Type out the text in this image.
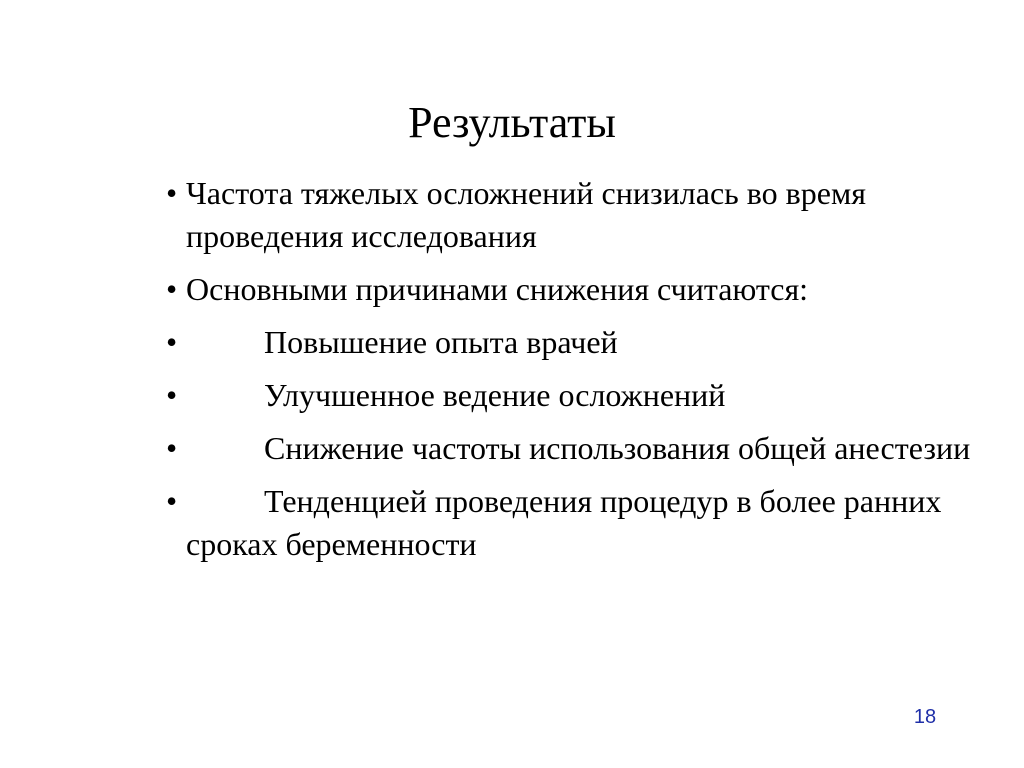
Результаты
• Частота тяжелых осложнений снизилась во время проведения исследования
• Основными причинами снижения считаются:
•	Повышение опыта врачей
•	Улучшенное ведение осложнений
•	Снижение частоты использования общей анестезии
•	Тенденцией проведения процедур в более ранних сроках беременности
18
